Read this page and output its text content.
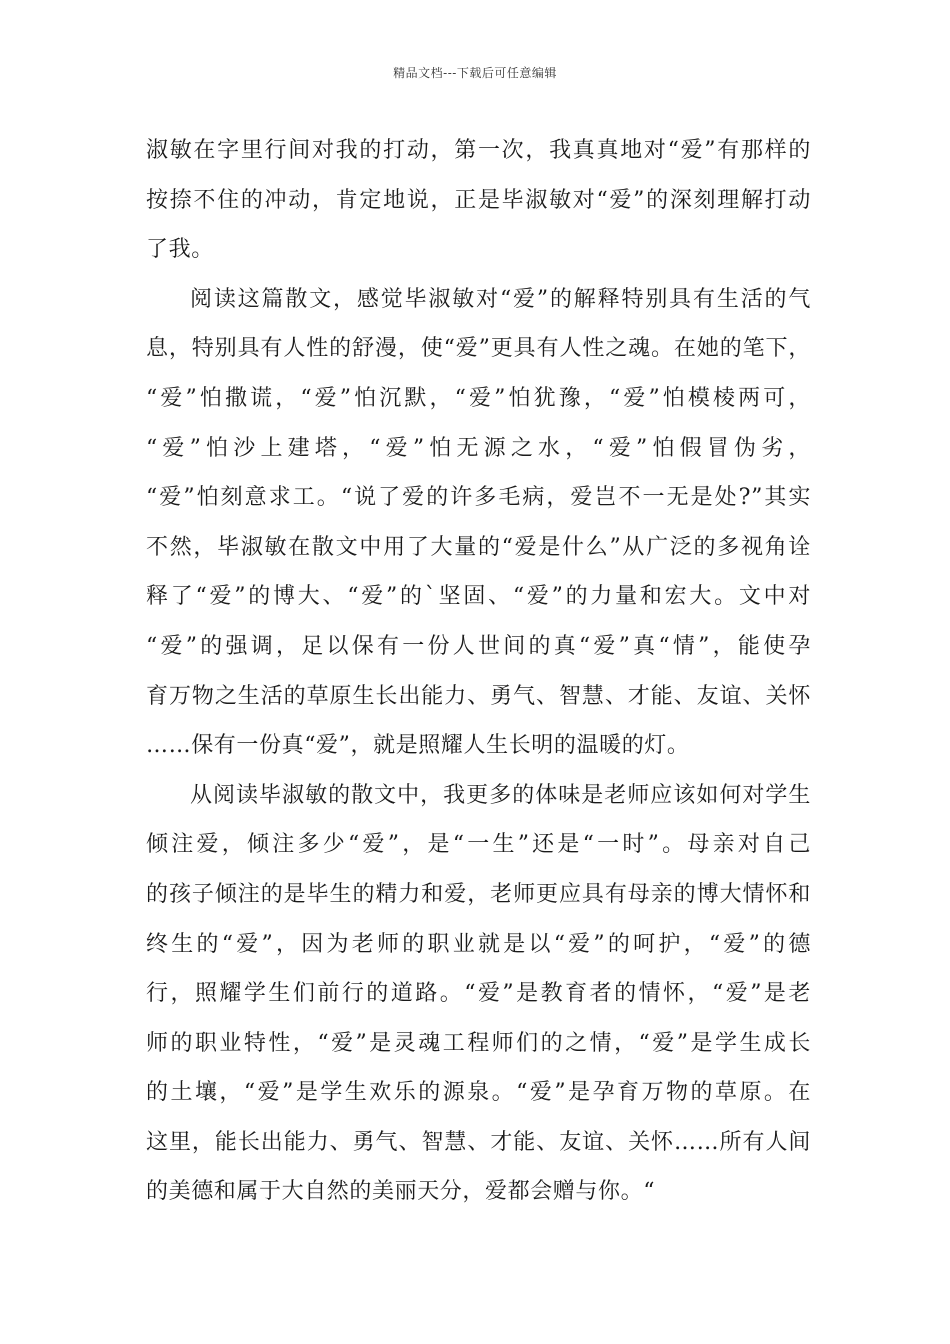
精品文档---下载后可任意编辑
淑敏在字里行间对我的打动，第一次，我真真地对“爱”有那样的
按捺不住的冲动，肯定地说，正是毕淑敏对“爱”的深刻理解打动
了我。
阅读这篇散文，感觉毕淑敏对“爱”的解释特别具有生活的气
息，特别具有人性的舒漫，使“爱”更具有人性之魂。在她的笔下，
“爱”怕撒谎，“爱”怕沉默，“爱”怕犹豫，“爱”怕模棱两可，
“爱”怕沙上建塔，“爱”怕无源之水，“爱”怕假冒伪劣，
“爱”怕刻意求工。“说了爱的许多毛病，爱岂不一无是处?”其实
不然，毕淑敏在散文中用了大量的“爱是什么”从广泛的多视角诠
释了“爱”的博大、“爱”的`坚固、“爱”的力量和宏大。文中对
“爱”的强调，足以保有一份人世间的真“爱”真“情”，能使孕
育万物之生活的草原生长出能力、勇气、智慧、才能、友谊、关怀
……保有一份真“爱”，就是照耀人生长明的温暖的灯。
从阅读毕淑敏的散文中，我更多的体味是老师应该如何对学生
倾注爱，倾注多少“爱”，是“一生”还是“一时”。母亲对自己
的孩子倾注的是毕生的精力和爱，老师更应具有母亲的博大情怀和
终生的“爱”，因为老师的职业就是以“爱”的呵护，“爱”的德
行，照耀学生们前行的道路。“爱”是教育者的情怀，“爱”是老
师的职业特性，“爱”是灵魂工程师们的之情，“爱”是学生成长
的土壤，“爱”是学生欢乐的源泉。“爱”是孕育万物的草原。在
这里，能长出能力、勇气、智慧、才能、友谊、关怀……所有人间
的美德和属于大自然的美丽天分，爱都会赠与你。“
